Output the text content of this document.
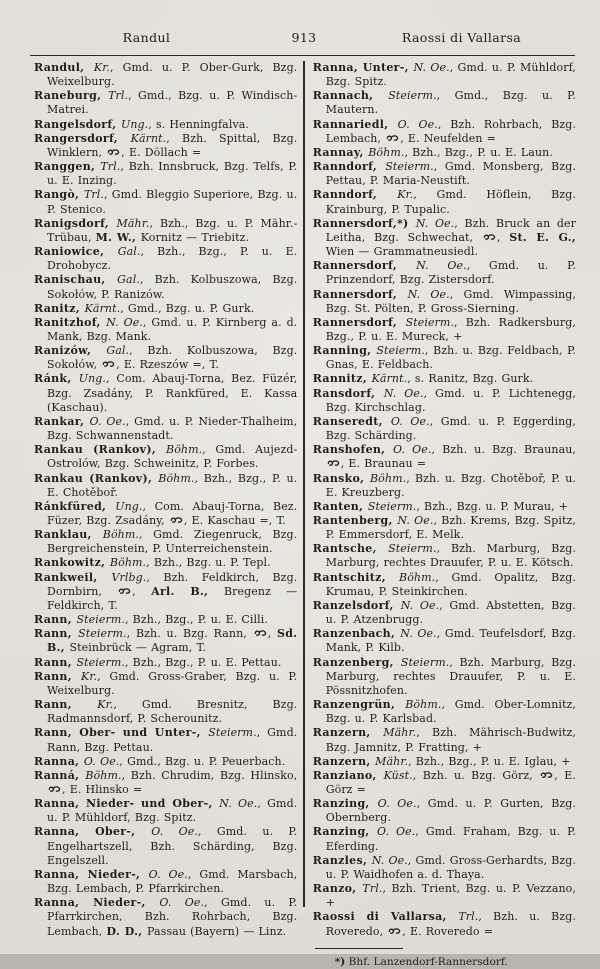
Randul	913	Raossi di Vallarsa
Randul, Kr., Gmd. u. P. Ober-Gurk, Bzg. Weixelburg.
Raneburg, Trl., Gmd., Bzg. u. P. Windisch-Matrei.
Rangelsdorf, Ung., s. Henningfalva.
Rangersdorf, Kärnt., Bzh. Spittal, Bzg. Winklern, , E. Döllach =
Ranggen, Trl., Bzh. Innsbruck, Bzg. Telfs, P. u. E. Inzing.
Rangò, Trl., Gmd. Bleggio Superiore, Bzg. u. P. Stenico.
Ranigsdorf, Mähr., Bzh., Bzg. u. P. Mähr.-Trübau, M. W., Kornitz — Triebitz.
Raniowice, Gal., Bzh., Bzg., P. u. E. Drohobycz.
Ranischau, Gal., Bzh. Kolbuszowa, Bzg. Sokołów, P. Ranizów.
Ranitz, Kärnt., Gmd., Bzg. u. P. Gurk.
Ranitzhof, N. Oe., Gmd. u. P. Kirnberg a. d. Mank, Bzg. Mank.
Ranizów, Gal., Bzh. Kolbuszowa, Bzg. Sokołów, , E. Rzeszów =, T.
Ránk, Ung., Com. Abauj-Torna, Bez. Füzér, Bzg. Zsadány, P. Rankfüred, E. Kassa (Kaschau).
Rankar, O. Oe., Gmd. u. P. Nieder-Thalheim, Bzg. Schwannenstadt.
Rankau (Rankov), Böhm., Gmd. Aujezd-Ostrolów, Bzg. Schweinitz, P. Forbes.
Rankau (Rankov), Böhm., Bzh., Bzg., P. u. E. Chotěboř.
Ránkfüred, Ung., Com. Abauj-Torna, Bez. Füzer, Bzg. Zsadány, , E. Kaschau =, T.
Ranklau, Böhm., Gmd. Ziegenruck, Bzg. Bergreichenstein, P. Unterreichenstein.
Rankowitz, Böhm., Bzh., Bzg. u. P. Tepl.
Rankweil, Vrlbg., Bzh. Feldkirch, Bzg. Dornbirn, , Arl. B., Bregenz — Feldkirch, T.
Rann, Steierm., Bzh., Bzg., P. u. E. Cilli.
Rann, Steierm., Bzh. u. Bzg. Rann, , Sd. B., Steinbrück — Agram, T.
Rann, Steierm., Bzh., Bzg., P. u. E. Pettau.
Rann, Kr., Gmd. Gross-Graber, Bzg. u. P. Weixelburg.
Rann, Kr., Gmd. Bresnitz, Bzg. Radmannsdorf, P. Scherounitz.
Rann, Ober- und Unter-, Steierm., Gmd. Rann, Bzg. Pettau.
Ranna, O. Oe., Gmd., Bzg. u. P. Peuerbach.
Ranná, Böhm., Bzh. Chrudim, Bzg. Hlinsko, , E. Hlinsko =
Ranna, Nieder- und Ober-, N. Oe., Gmd. u. P. Mühldorf, Bzg. Spitz.
Ranna, Ober-, O. Oe., Gmd. u. P. Engelhartszell, Bzh. Schärding, Bzg. Engelszell.
Ranna, Nieder-, O. Oe., Gmd. Marsbach, Bzg. Lembach, P. Pfarrkirchen.
Ranna, Nieder-, O. Oe., Gmd. u. P. Pfarrkirchen, Bzh. Rohrbach, Bzg. Lembach, D. D., Passau (Bayern) — Linz.
Ranna, Unter-, N. Oe., Gmd. u. P. Mühldorf, Bzg. Spitz.
Rannach, Steierm., Gmd., Bzg. u. P. Mautern.
Rannariedl, O. Oe., Bzh. Rohrbach, Bzg. Lembach, , E. Neufelden =
Rannay, Böhm., Bzh., Bzg., P. u. E. Laun.
Ranndorf, Steierm., Gmd. Monsberg, Bzg. Pettau, P. Maria-Neustift.
Ranndorf, Kr., Gmd. Höflein, Bzg. Krainburg, P. Tupalic.
Rannersdorf,*) N. Oe., Bzh. Bruck an der Leitha, Bzg. Schwechat, , St. E. G., Wien — Grammatneusiedl.
Rannersdorf, N. Oe., Gmd. u. P. Prinzendorf, Bzg. Zistersdorf.
Rannersdorf, N. Oe., Gmd. Wimpassing, Bzg. St. Pölten, P. Gross-Sierning.
Rannersdorf, Steierm., Bzh. Radkersburg, Bzg., P. u. E. Mureck, +
Ranning, Steierm., Bzh. u. Bzg. Feldbach, P. Gnas, E. Feldbach.
Rannitz, Kärnt., s. Ranitz, Bzg. Gurk.
Ransdorf, N. Oe., Gmd. u. P. Lichtenegg, Bzg. Kirchschlag.
Ranseredt, O. Oe., Gmd. u. P. Eggerding, Bzg. Schärding.
Ranshofen, O. Oe., Bzh. u. Bzg. Braunau, , E. Braunau =
Ransko, Böhm., Bzh. u. Bzg. Chotěboř, P. u. E. Kreuzberg.
Ranten, Steierm., Bzh., Bzg. u. P. Murau, +
Rantenberg, N. Oe., Bzh. Krems, Bzg. Spitz, P. Emmersdorf, E. Melk.
Rantsche, Steierm., Bzh. Marburg, Bzg. Marburg, rechtes Drauufer, P. u. E. Kötsch.
Rantschitz, Böhm., Gmd. Opalitz, Bzg. Krumau, P. Steinkirchen.
Ranzelsdorf, N. Oe., Gmd. Abstetten, Bzg. u. P. Atzenbrugg.
Ranzenbach, N. Oe., Gmd. Teufelsdorf, Bzg. Mank, P. Kilb.
Ranzenberg, Steierm., Bzh. Marburg, Bzg. Marburg, rechtes Drauufer, P. u. E. Pössnitzhofen.
Ranzengrün, Böhm., Gmd. Ober-Lomnitz, Bzg. u. P. Karlsbad.
Ranzern, Mähr., Bzh. Mährisch-Budwitz, Bzg. Jamnitz, P. Fratting, +
Ranzern, Mähr., Bzh., Bzg., P. u. E. Iglau, +
Ranziano, Küst., Bzh. u. Bzg. Görz, , E. Görz =
Ranzing, O. Oe., Gmd. u. P. Gurten, Bzg. Obernberg.
Ranzing, O. Oe., Gmd. Fraham, Bzg. u. P. Eferding.
Ranzles, N. Oe., Gmd. Gross-Gerhardts, Bzg. u. P. Waidhofen a. d. Thaya.
Ranzo, Trl., Bzh. Trient, Bzg. u. P. Vezzano, +
Raossi di Vallarsa, Trl., Bzh. u. Bzg. Roveredo, , E. Roveredo =
*) Bhf. Lanzendorf-Rannersdorf.
